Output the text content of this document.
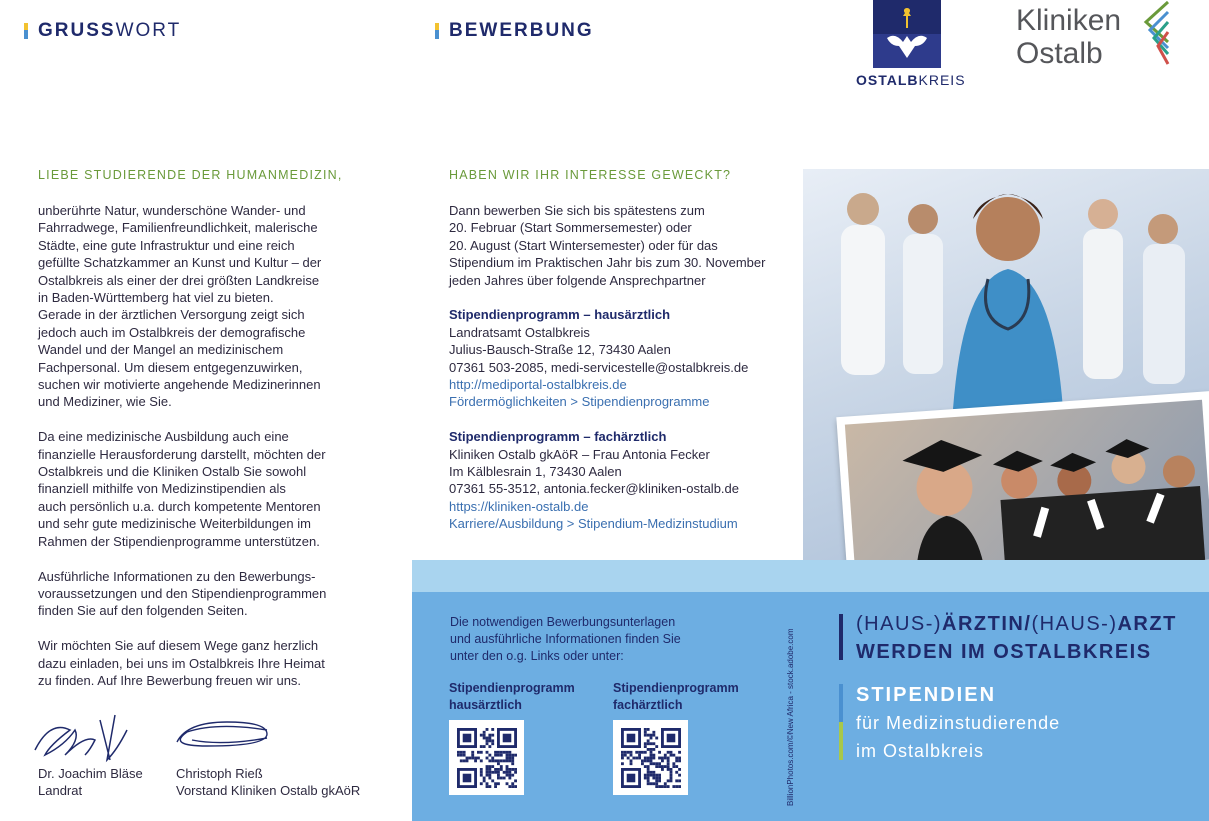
GRUSS WORT	BEWERBUNG
OSTALBKREIS
Kliniken
Ostalb
LIEBE STUDIERENDE DER HUMANMEDIZIN,

unberührte Natur, wunderschöne Wander- und
Fahrradwege, Familienfreundlichkeit, malerische
Städte, eine gute Infrastruktur und eine reich
gefüllte Schatzkammer an Kunst und Kultur – der
Ostalbkreis als einer der drei größten Landkreise
in Baden-Württemberg hat viel zu bieten.
Gerade in der ärztlichen Versorgung zeigt sich
jedoch auch im Ostalbkreis der demografische
Wandel und der Mangel an medizinischem
Fachpersonal. Um diesem entgegenzuwirken,
suchen wir motivierte angehende Medizinerinnen
und Mediziner, wie Sie.

Da eine medizinische Ausbildung auch eine
finanzielle Herausforderung darstellt, möchten der
Ostalbkreis und die Kliniken Ostalb Sie sowohl
finanziell mithilfe von Medizinstipendien als
auch persönlich u.a. durch kompetente Mentoren
und sehr gute medizinische Weiterbildungen im
Rahmen der Stipendienprogramme unterstützen.

Ausführliche Informationen zu den Bewerbungs-
voraussetzungen und den Stipendienprogrammen
finden Sie auf den folgenden Seiten.

Wir möchten Sie auf diesem Wege ganz herzlich
dazu einladen, bei uns im Ostalbkreis Ihre Heimat
zu finden. Auf Ihre Bewerbung freuen wir uns.

Dr. Joachim Bläse
Landrat
Christoph Rieß
Vorstand Kliniken Ostalb gkAöR
HABEN WIR IHR INTERESSE GEWECKT?

Dann bewerben Sie sich bis spätestens zum
20. Februar (Start Sommersemester) oder
20. August (Start Wintersemester) oder für das
Stipendium im Praktischen Jahr bis zum 30. November
jeden Jahres über folgende Ansprechpartner

Stipendienprogramm – hausärztlich
Landratsamt Ostalbkreis
Julius-Bausch-Straße 12, 73430 Aalen
07361 503-2085, medi-servicestelle@ostalbkreis.de
http://mediportal-ostalbkreis.de
Fördermöglichkeiten > Stipendienprogramme

Stipendienprogramm – fachärztlich
Kliniken Ostalb gkAöR – Frau Antonia Fecker
Im Kälblesrain 1, 73430 Aalen
07361 55-3512, antonia.fecker@kliniken-ostalb.de
https://kliniken-ostalb.de
Karriere/Ausbildung > Stipendium-Medizinstudium

Die notwendigen Bewerbungsunterlagen
und ausführliche Informationen finden Sie
unter den o.g. Links oder unter:
Stipendienprogramm
hausärztlich
Stipendienprogramm
fachärztlich	BillionPhotos.com/©New Africa - stock.adobe.com
(HAUS-)ÄRZTIN/(HAUS-)ARZT
WERDEN IM OSTALBKREIS
STIPENDIEN
für Medizinstudierende
im Ostalbkreis
